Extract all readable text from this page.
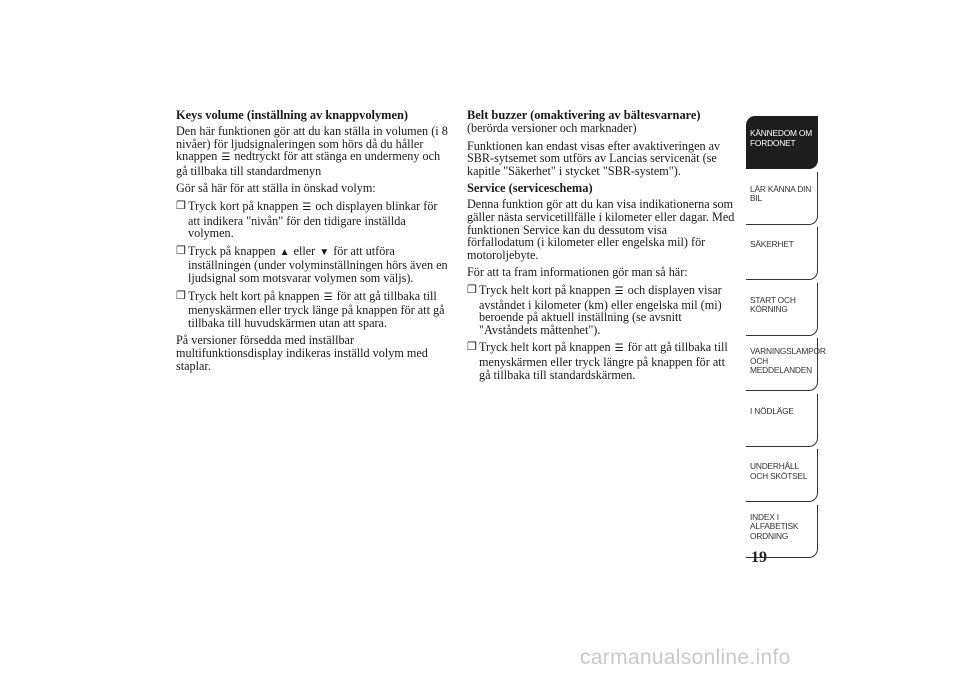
Keys volume (inställning av knappvolymen)

Den här funktionen gör att du kan ställa in volumen (i 8 nivåer) för ljudsignaleringen som hörs då du håller knappen ☰ nedtryckt för att stänga en undermeny och gå tillbaka till standardmenyn

Gör så här för att ställa in önskad volym:

❒ Tryck kort på knappen ☰ och displayen blinkar för att indikera "nivån" för den tidigare inställda volymen.
❒ Tryck på knappen ▲ eller ▼ för att utföra inställningen (under volyminställningen hörs även en ljudsignal som motsvarar volymen som väljs).
❒ Tryck helt kort på knappen ☰ för att gå tillbaka till menyskärmen eller tryck länge på knappen för att gå tillbaka till huvudskärmen utan att spara.

På versioner försedda med inställbar multifunktionsdisplay indikeras inställd volym med staplar.

Belt buzzer (omaktivering av bältesvarnare)

(berörda versioner och marknader)

Funktionen kan endast visas efter avaktiveringen av SBR-sytsemet som utförs av Lancias servicenät (se kapitle "Säkerhet" i stycket "SBR-system").

Service (serviceschema)

Denna funktion gör att du kan visa indikationerna som gäller nästa servicetillfälle i kilometer eller dagar. Med funktionen Service kan du dessutom visa förfallodatum (i kilometer eller engelska mil) för motoroljebyte.

För att ta fram informationen gör man så här:

❒ Tryck helt kort på knappen ☰ och displayen visar avståndet i kilometer (km) eller engelska mil (mi) beroende på aktuell inställning (se avsnitt "Avståndets måttenhet").
❒ Tryck helt kort på knappen ☰ för att gå tillbaka till menyskärmen eller tryck längre på knappen för att gå tillbaka till standardskärmen.
KÄNNEDOM OM FORDONET
LÄR KÄNNA DIN BIL
SÄKERHET
START OCH KÖRNING
VARNINGSLAMPOR OCH MEDDELANDEN
I NÖDLÄGE
UNDERHÅLL OCH SKÖTSEL
INDEX I ALFABETISK ORDNING
19
carmanualsonline.info
